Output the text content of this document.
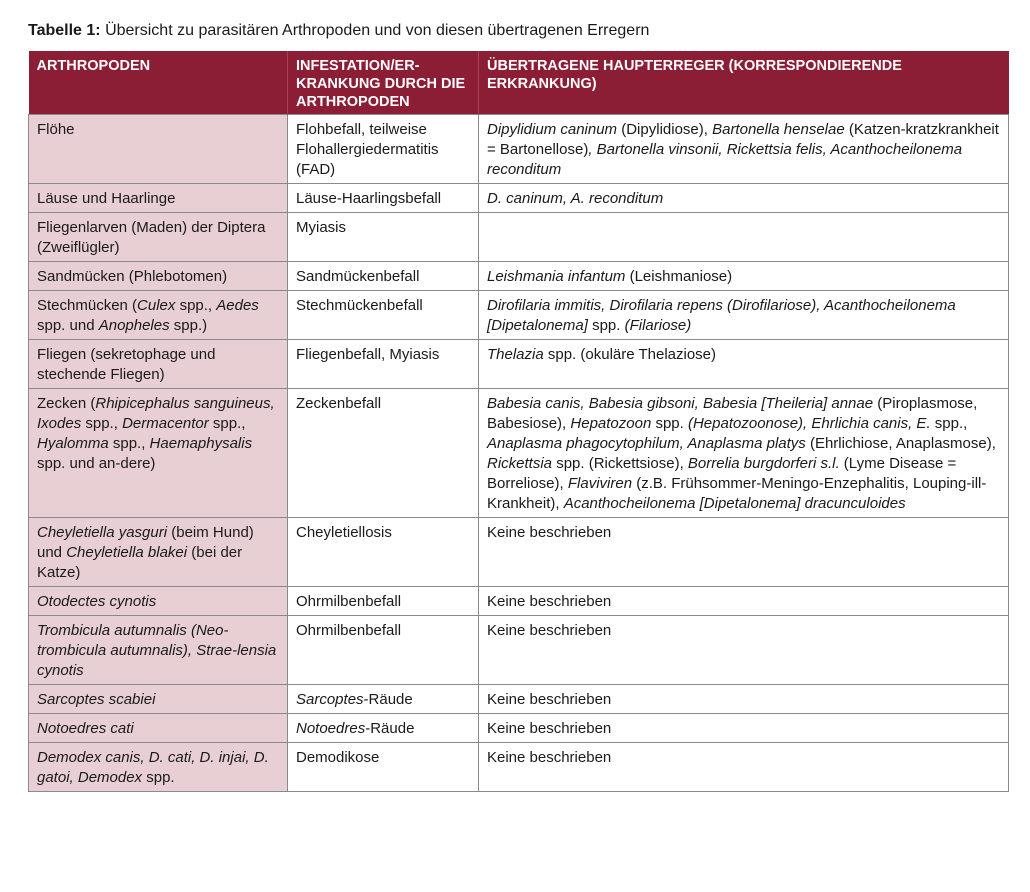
Tabelle 1: Übersicht zu parasitären Arthropoden und von diesen übertragenen Erregern
ARTHROPODEN	INFESTATION/ER-KRANKUNG DURCH DIE ARTHROPODEN	ÜBERTRAGENE HAUPTERREGER (KORRESPONDIERENDE ERKRANKUNG)
Flöhe	Flohbefall, teilweise Flohallergiedermatitis (FAD)	Dipylidium caninum (Dipylidiose), Bartonella henselae (Katzen-kratzkrankheit = Bartonellose), Bartonella vinsonii, Rickettsia felis, Acanthocheilonema reconditum
Läuse und Haarlinge	Läuse-Haarlingsbefall	D. caninum, A. reconditum
Fliegenlarven (Maden) der Diptera (Zweiflügler)	Myiasis	
Sandmücken (Phlebotomen)	Sandmückenbefall	Leishmania infantum (Leishmaniose)
Stechmücken (Culex spp., Aedes spp. und Anopheles spp.)	Stechmückenbefall	Dirofilaria immitis, Dirofilaria repens (Dirofilariose), Acanthocheilonema [Dipetalonema] spp. (Filariose)
Fliegen (sekretophage und stechende Fliegen)	Fliegenbefall, Myiasis	Thelazia spp. (okuläre Thelaziose)
Zecken (Rhipicephalus sanguineus, Ixodes spp., Dermacentor spp., Hyalomma spp., Haemaphysalis spp. und an-dere)	Zeckenbefall	Babesia canis, Babesia gibsoni, Babesia [Theileria] annae (Piroplasmose, Babesiose), Hepatozoon spp. (Hepatozoonose), Ehrlichia canis, E. spp., Anaplasma phagocytophilum, Anaplasma platys (Ehrlichiose, Anaplasmose), Rickettsia spp. (Rickettsiose), Borrelia burgdorferi s.l. (Lyme Disease = Borreliose), Flaviviren (z.B. Frühsommer-Meningo-Enzephalitis, Louping-ill-Krankheit), Acanthocheilonema [Dipetalonema] dracunculoides
Cheyletiella yasguri (beim Hund) und Cheyletiella blakei (bei der Katze)	Cheyletiellosis	Keine beschrieben
Otodectes cynotis	Ohrmilbenbefall	Keine beschrieben
Trombicula autumnalis (Neo-trombicula autumnalis), Strae-lensia cynotis	Ohrmilbenbefall	Keine beschrieben
Sarcoptes scabiei	Sarcoptes-Räude	Keine beschrieben
Notoedres cati	Notoedres-Räude	Keine beschrieben
Demodex canis, D. cati, D. injai, D. gatoi, Demodex spp.	Demodikose	Keine beschrieben
